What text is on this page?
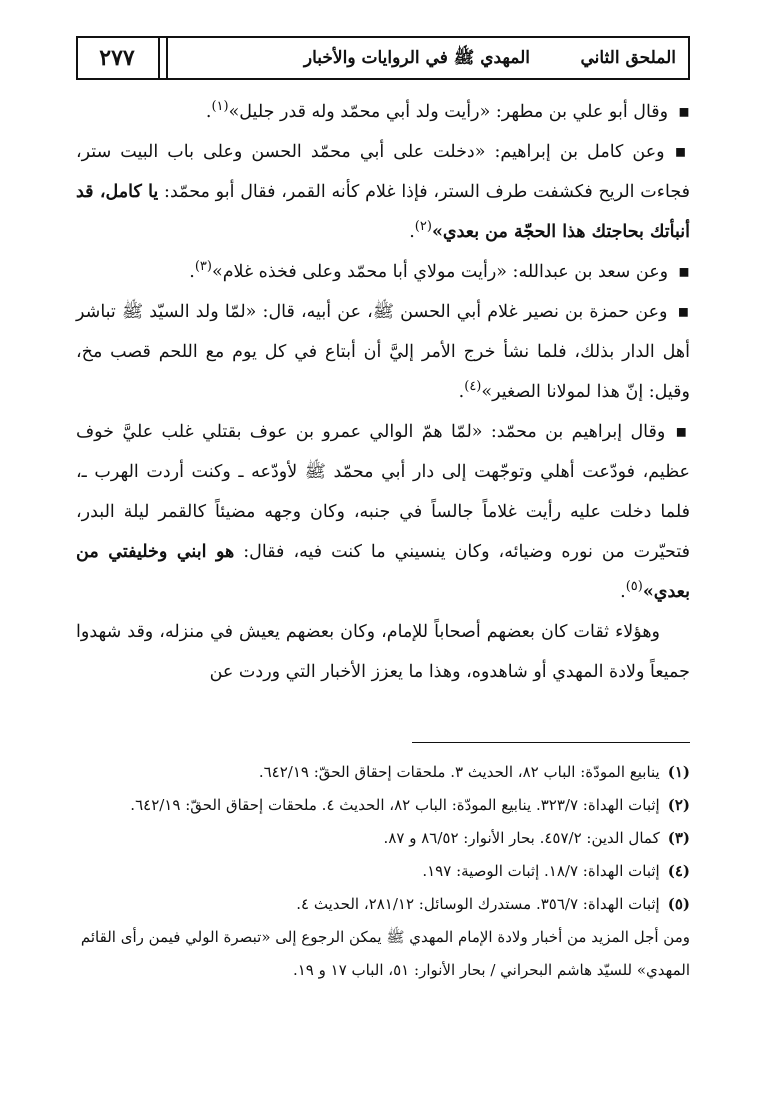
٢٧٧	الملحق الثاني
المهدي ﷺ في الروايات والأخبار

▪وقال أبو علي بن مطهر: «رأيت ولد أبي محمّد وله قدر جليل»$^{(١)}$.

▪وعن كامل بن إبراهيم: «دخلت على أبي محمّد الحسن وعلى باب البيت ستر، فجاءت الريح فكشفت طرف الستر، فإذا غلام كأنه القمر، فقال أبو محمّد: يا كامل، قد أنبأتك بحاجتك هذا الحجّة من بعدي»$^{(٢)}$.

▪وعن سعد بن عبدالله: «رأيت مولاي أبا محمّد وعلى فخذه غلام»$^{(٣)}$.

▪وعن حمزة بن نصير غلام أبي الحسن ﷺ، عن أبيه، قال: «لمّا ولد السيّد ﷺ تباشر أهل الدار بذلك، فلما نشأ خرج الأمر إليَّ أن أبتاع في كل يوم مع اللحم قصب مخ، وقيل: إنّ هذا لمولانا الصغير»$^{(٤)}$.

▪وقال إبراهيم بن محمّد: «لمّا همّ الوالي عمرو بن عوف بقتلي غلب عليَّ خوف عظيم، فودّعت أهلي وتوجّهت إلى دار أبي محمّد ﷺ لأودّعه ـ وكنت أردت الهرب ـ، فلما دخلت عليه رأيت غلاماً جالساً في جنبه، وكان وجهه مضيئاً كالقمر ليلة البدر، فتحيّرت من نوره وضيائه، وكان ينسيني ما كنت فيه، فقال: هو ابني وخليفتي من بعدي»$^{(٥)}$.

وهؤلاء ثقات كان بعضهم أصحاباً للإمام، وكان بعضهم يعيش في منزله، وقد شهدوا جميعاً ولادة المهدي أو شاهدوه، وهذا ما يعزز الأخبار التي وردت عن

(١)ينابيع المودّة: الباب ٨٢، الحديث ٣. ملحقات إحقاق الحقّ: ٦٤٢/١٩.

(٢)إثبات الهداة: ٣٢٣/٧. ينابيع المودّة: الباب ٨٢، الحديث ٤. ملحقات إحقاق الحقّ: ٦٤٢/١٩.

(٣)كمال الدين: ٤٥٧/٢. بحار الأنوار: ٨٦/٥٢ و ٨٧.

(٤)إثبات الهداة: ١٨/٧. إثبات الوصية: ١٩٧.

(٥)إثبات الهداة: ٣٥٦/٧. مستدرك الوسائل: ٢٨١/١٢، الحديث ٤.

ومن أجل المزيد من أخبار ولادة الإمام المهدي ﷺ يمكن الرجوع إلى «تبصرة الولي فيمن رأى القائم المهدي» للسيّد هاشم البحراني / بحار الأنوار: ٥١، الباب ١٧ و ١٩.
